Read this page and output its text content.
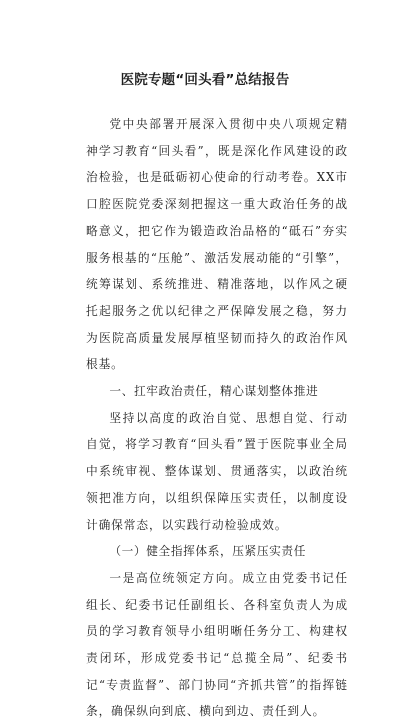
医院专题“回头看”总结报告

党中央部署开展深入贯彻中央八项规定精神学习教育“回头看”，既是深化作风建设的政治检验，也是砥砺初心使命的行动考卷。XX市口腔医院党委深刻把握这一重大政治任务的战略意义，把它作为锻造政治品格的“砥石”夯实服务根基的“压舱”、激活发展动能的“引擎”，统筹谋划、系统推进、精准落地，以作风之硬托起服务之优以纪律之严保障发展之稳，努力为医院高质量发展厚植坚韧而持久的政治作风根基。

一、扛牢政治责任，精心谋划整体推进

坚持以高度的政治自觉、思想自觉、行动自觉，将学习教育“回头看”置于医院事业全局中系统审视、整体谋划、贯通落实，以政治统领把准方向，以组织保障压实责任，以制度设计确保常态，以实践行动检验成效。

（一）健全指挥体系，压紧压实责任

一是高位统领定方向。成立由党委书记任组长、纪委书记任副组长、各科室负责人为成员的学习教育领导小组明晰任务分工、构建权责闭环，形成党委书记“总揽全局”、纪委书记“专责监督”、部门协同“齐抓共管”的指挥链条，确保纵向到底、横向到边、责任到人。
